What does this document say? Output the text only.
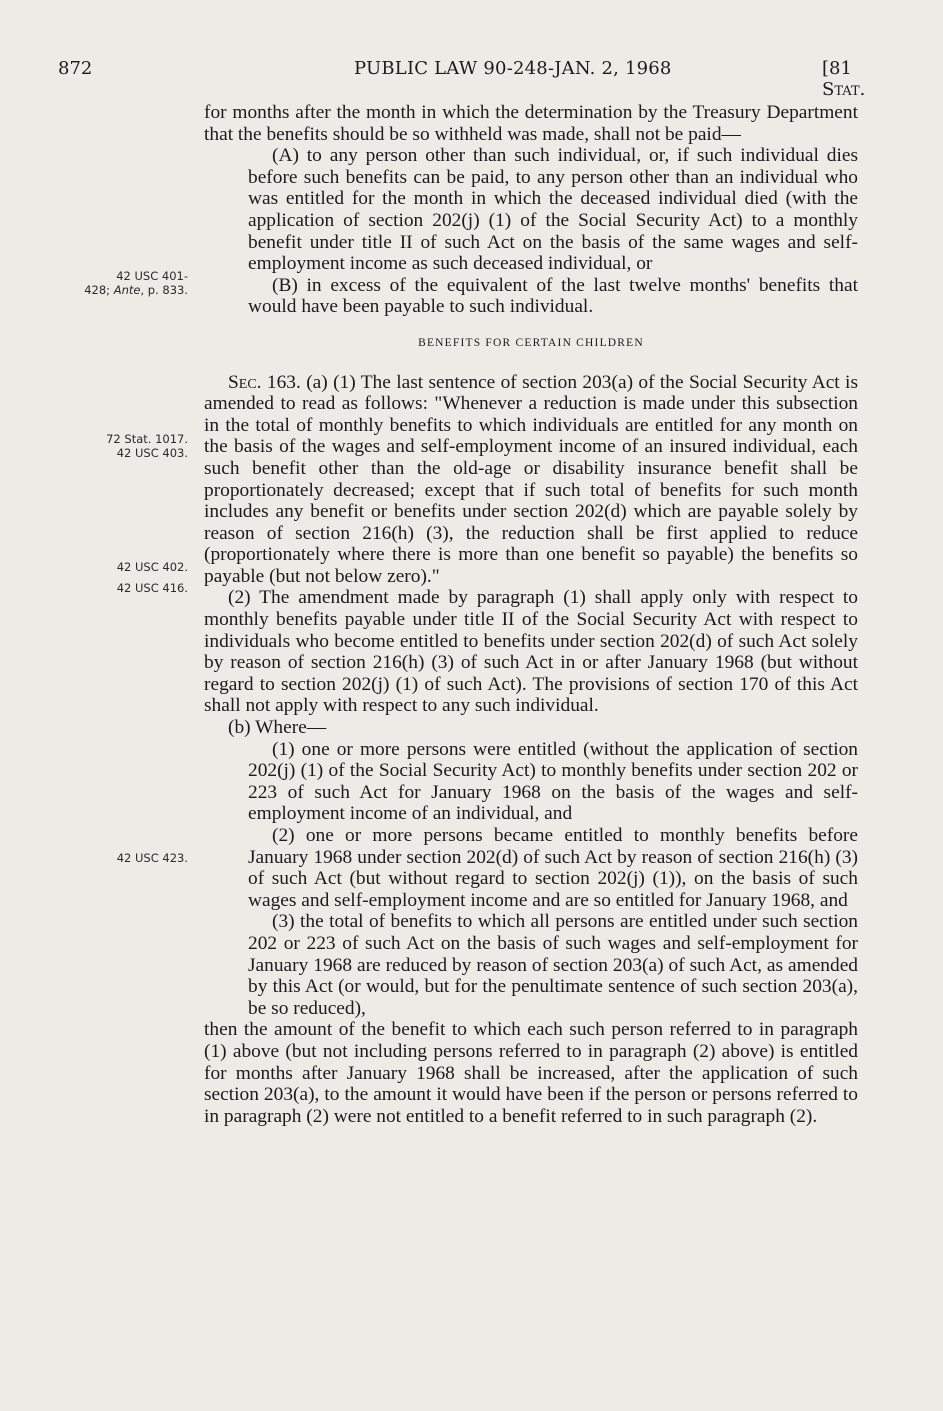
872	PUBLIC LAW 90-248-JAN. 2, 1968	[81 Stat.
42 USC 401-
428; Ante, p. 833.
72 Stat. 1017.
42 USC 403.
42 USC 402.
42 USC 416.
42 USC 423.

for months after the month in which the determination by the Treasury Department that the benefits should be so withheld was made, shall not be paid—

(A) to any person other than such individual, or, if such individual dies before such benefits can be paid, to any person other than an individual who was entitled for the month in which the deceased individual died (with the application of section 202(j) (1) of the Social Security Act) to a monthly benefit under title II of such Act on the basis of the same wages and self-employment income as such deceased individual, or

(B) in excess of the equivalent of the last twelve months' benefits that would have been payable to such individual.

BENEFITS FOR CERTAIN CHILDREN

Sec. 163. (a) (1) The last sentence of section 203(a) of the Social Security Act is amended to read as follows: "Whenever a reduction is made under this subsection in the total of monthly benefits to which individuals are entitled for any month on the basis of the wages and self-employment income of an insured individual, each such benefit other than the old-age or disability insurance benefit shall be proportionately decreased; except that if such total of benefits for such month includes any benefit or benefits under section 202(d) which are payable solely by reason of section 216(h) (3), the reduction shall be first applied to reduce (proportionately where there is more than one benefit so payable) the benefits so payable (but not below zero)."

(2) The amendment made by paragraph (1) shall apply only with respect to monthly benefits payable under title II of the Social Security Act with respect to individuals who become entitled to benefits under section 202(d) of such Act solely by reason of section 216(h) (3) of such Act in or after January 1968 (but without regard to section 202(j) (1) of such Act). The provisions of section 170 of this Act shall not apply with respect to any such individual.

(b) Where—

(1) one or more persons were entitled (without the application of section 202(j) (1) of the Social Security Act) to monthly benefits under section 202 or 223 of such Act for January 1968 on the basis of the wages and self-employment income of an individual, and

(2) one or more persons became entitled to monthly benefits before January 1968 under section 202(d) of such Act by reason of section 216(h) (3) of such Act (but without regard to section 202(j) (1)), on the basis of such wages and self-employment income and are so entitled for January 1968, and

(3) the total of benefits to which all persons are entitled under such section 202 or 223 of such Act on the basis of such wages and self-employment for January 1968 are reduced by reason of section 203(a) of such Act, as amended by this Act (or would, but for the penultimate sentence of such section 203(a), be so reduced),

then the amount of the benefit to which each such person referred to in paragraph (1) above (but not including persons referred to in paragraph (2) above) is entitled for months after January 1968 shall be increased, after the application of such section 203(a), to the amount it would have been if the person or persons referred to in paragraph (2) were not entitled to a benefit referred to in such paragraph (2).
